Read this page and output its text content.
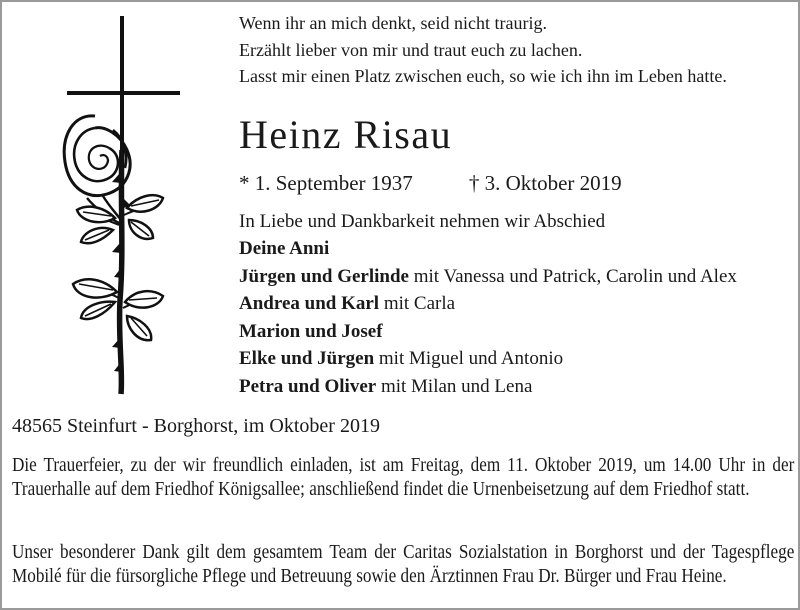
Wenn ihr an mich denkt, seid nicht traurig.
Erzählt lieber von mir und traut euch zu lachen.
Lasst mir einen Platz zwischen euch, so wie ich ihn im Leben hatte.
Heinz Risau
* 1. September 1937	† 3. Oktober 2019
In Liebe und Dankbarkeit nehmen wir Abschied
Deine Anni
Jürgen und Gerlinde mit Vanessa und Patrick, Carolin und Alex
Andrea und Karl mit Carla
Marion und Josef
Elke und Jürgen mit Miguel und Antonio
Petra und Oliver mit Milan und Lena
48565 Steinfurt - Borghorst, im Oktober 2019

Die Trauerfeier, zu der wir freundlich einladen, ist am Freitag, dem 11. Oktober 2019, um 14.00 Uhr in der Trauerhalle auf dem Friedhof Königsallee; anschließend findet die Urnenbeisetzung auf dem Friedhof statt.

Unser besonderer Dank gilt dem gesamtem Team der Caritas Sozialstation in Borghorst und der Tagespflege Mobilé für die fürsorgliche Pflege und Betreuung sowie den Ärztinnen Frau Dr. Bürger und Frau Heine.
